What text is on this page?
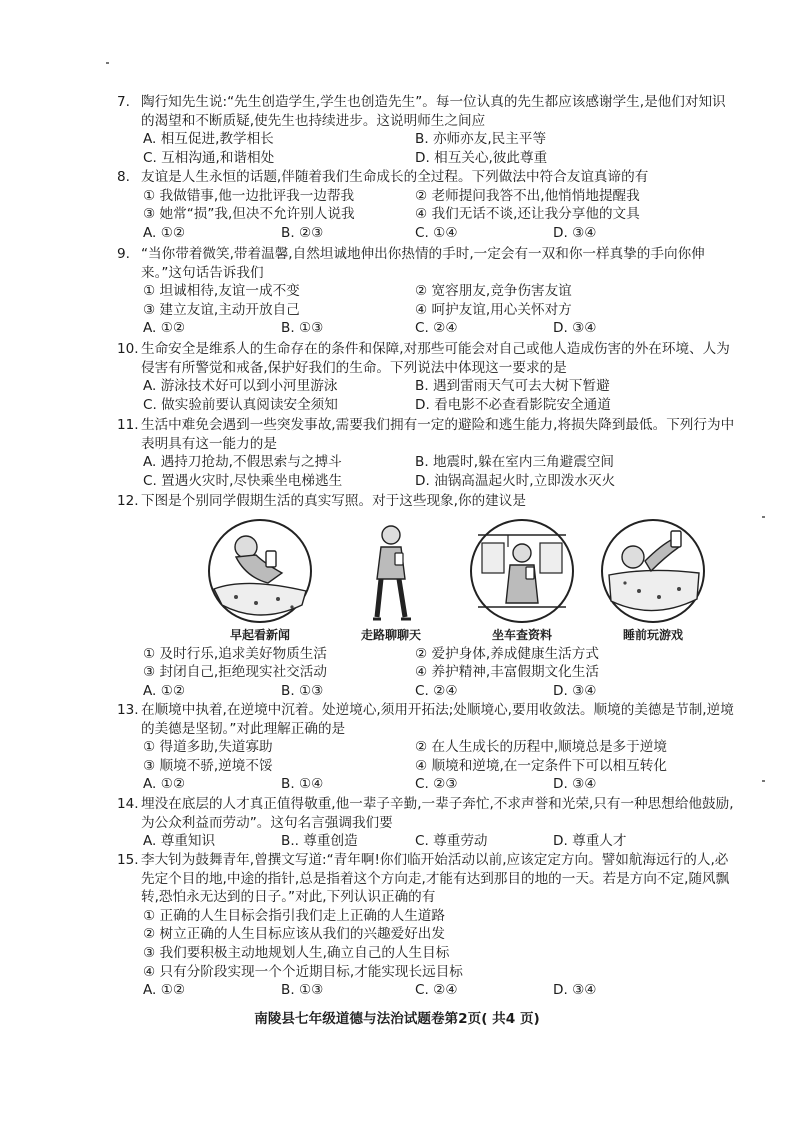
7. 陶行知先生说:“先生创造学生,学生也创造先生”。每一位认真的先生都应该感谢学生,是他们对知识的渴望和不断质疑,使先生也持续进步。这说明师生之间应

A. 相互促进,教学相长	B. 亦师亦友,民主平等
C. 互相沟通,和谐相处	D. 相互关心,彼此尊重

8. 友谊是人生永恒的话题,伴随着我们生命成长的全过程。下列做法中符合友谊真谛的有

① 我做错事,他一边批评我一边帮我	② 老师提问我答不出,他悄悄地提醒我
③ 她常“损”我,但决不允许别人说我	④ 我们无话不谈,还让我分享他的文具
A. ①②	B. ②③	C. ①④	D. ③④

9. “当你带着微笑,带着温馨,自然坦诚地伸出你热情的手时,一定会有一双和你一样真挚的手向你伸来。”这句话告诉我们

① 坦诚相待,友谊一成不变	② 宽容朋友,竞争伤害友谊
③ 建立友谊,主动开放自己	④ 呵护友谊,用心关怀对方
A. ①②	B. ①③	C. ②④	D. ③④

10. 生命安全是维系人的生命存在的条件和保障,对那些可能会对自己或他人造成伤害的外在环境、人为侵害有所警觉和戒备,保护好我们的生命。下列说法中体现这一要求的是

A. 游泳技术好可以到小河里游泳	B. 遇到雷雨天气可去大树下暂避
C. 做实验前要认真阅读安全须知	D. 看电影不必查看影院安全通道

11. 生活中难免会遇到一些突发事故,需要我们拥有一定的避险和逃生能力,将损失降到最低。下列行为中表明具有这一能力的是

A. 遇持刀抢劫,不假思索与之搏斗	B. 地震时,躲在室内三角避震空间
C. 置遇火灾时,尽快乘坐电梯逃生	D. 油锅高温起火时,立即泼水灭火

12. 下图是个别同学假期生活的真实写照。对于这些现象,你的建议是

早起看新闻	走路聊聊天	坐车查资料	睡前玩游戏
① 及时行乐,追求美好物质生活	② 爱护身体,养成健康生活方式
③ 封闭自己,拒绝现实社交活动	④ 养护精神,丰富假期文化生活
A. ①②	B. ①③	C. ②④	D. ③④

13. 在顺境中执着,在逆境中沉着。处逆境心,须用开拓法;处顺境心,要用收敛法。顺境的美德是节制,逆境的美德是坚韧。”对此理解正确的是

① 得道多助,失道寡助	② 在人生成长的历程中,顺境总是多于逆境
③ 顺境不骄,逆境不馁	④ 顺境和逆境,在一定条件下可以相互转化
A. ①②	B. ①④	C. ②③	D. ③④

14. 埋没在底层的人才真正值得敬重,他一辈子辛勤,一辈子奔忙,不求声誉和光荣,只有一种思想给他鼓励,为公众利益而劳动”。这句名言强调我们要

A. 尊重知识	B.. 尊重创造	C. 尊重劳动	D. 尊重人才

15. 李大钊为鼓舞青年,曾撰文写道:“青年啊!你们临开始活动以前,应该定定方向。譬如航海远行的人,必先定个目的地,中途的指针,总是指着这个方向走,才能有达到那目的地的一天。若是方向不定,随风飘转,恐怕永无达到的日子。”对此,下列认识正确的有

① 正确的人生目标会指引我们走上正确的人生道路
② 树立正确的人生目标应该从我们的兴趣爱好出发
③ 我们要积极主动地规划人生,确立自己的人生目标
④ 只有分阶段实现一个个近期目标,才能实现长远目标
A. ①②	B. ①③	C. ②④	D. ③④
南陵县七年级道德与法治试题卷第2页( 共4 页)
